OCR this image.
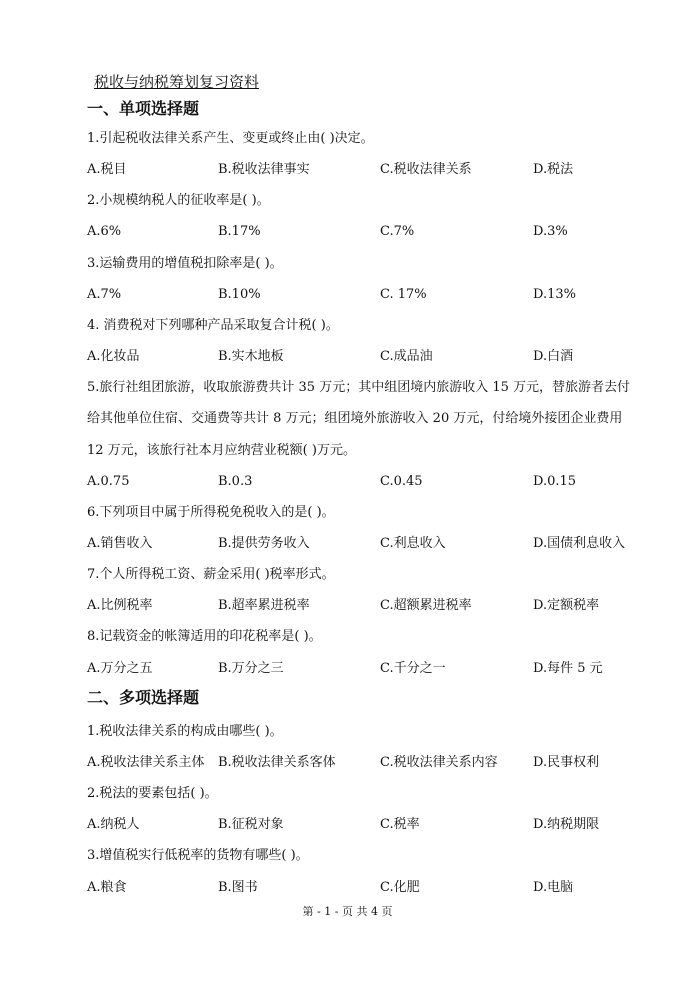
税收与纳税筹划复习资料
一、单项选择题
第 - 1 - 页 共 4 页
1.引起税收法律关系产生、变更或终止由( )决定。
A.税目	B.税收法律事实	C.税收法律关系	D.税法
2.小规模纳税人的征收率是( )。
A.6%	B.17%	C.7%	D.3%
3.运输费用的增值税扣除率是( )。
A.7%	B.10%	C. 17%	D.13%
4. 消费税对下列哪种产品采取复合计税( )。
A.化妆品	B.实木地板	C.成品油	D.白酒
5.旅行社组团旅游，收取旅游费共计 35 万元；其中组团境内旅游收入 15 万元，替旅游者去付
给其他单位住宿、交通费等共计 8 万元；组团境外旅游收入 20 万元，付给境外接团企业费用
12 万元，该旅行社本月应纳营业税额( )万元。
A.0.75	B.0.3	C.0.45	D.0.15
6.下列项目中属于所得税免税收入的是( )。
A.销售收入	B.提供劳务收入	C.利息收入	D.国债利息收入
7.个人所得税工资、薪金采用( )税率形式。
A.比例税率	B.超率累进税率	C.超额累进税率	D.定额税率
8.记载资金的帐簿适用的印花税率是( )。
A.万分之五	B.万分之三	C.千分之一	D.每件 5 元
二、多项选择题
1.税收法律关系的构成由哪些( )。
A.税收法律关系主体 B.税收法律关系客体	C.税收法律关系内容	D.民事权利
2.税法的要素包括( )。
A.纳税人	B.征税对象	C.税率	D.纳税期限
3.增值税实行低税率的货物有哪些( )。
A.粮食	B.图书	C.化肥	D.电脑
